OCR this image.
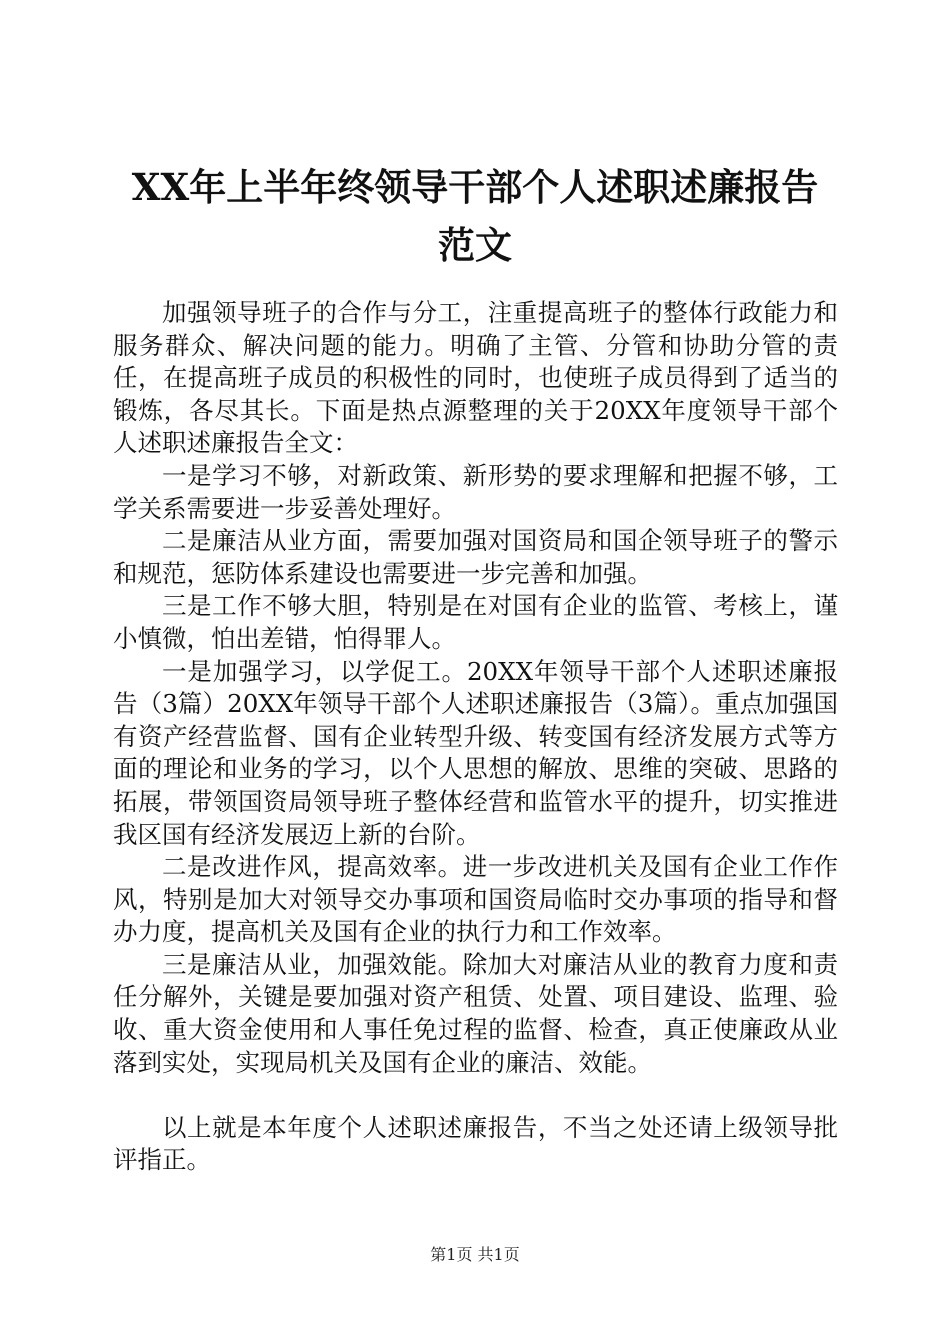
XX年上半年终领导干部个人述职述廉报告范文

加强领导班子的合作与分工，注重提高班子的整体行政能力和服务群众、解决问题的能力。明确了主管、分管和协助分管的责任，在提高班子成员的积极性的同时，也使班子成员得到了适当的锻炼，各尽其长。下面是热点源整理的关于20XX年度领导干部个人述职述廉报告全文：

一是学习不够，对新政策、新形势的要求理解和把握不够，工学关系需要进一步妥善处理好。

二是廉洁从业方面，需要加强对国资局和国企领导班子的警示和规范，惩防体系建设也需要进一步完善和加强。

三是工作不够大胆，特别是在对国有企业的监管、考核上，谨小慎微，怕出差错，怕得罪人。

一是加强学习，以学促工。20XX年领导干部个人述职述廉报告（3篇）20XX年领导干部个人述职述廉报告（3篇）。重点加强国有资产经营监督、国有企业转型升级、转变国有经济发展方式等方面的理论和业务的学习，以个人思想的解放、思维的突破、思路的拓展，带领国资局领导班子整体经营和监管水平的提升，切实推进我区国有经济发展迈上新的台阶。

二是改进作风，提高效率。进一步改进机关及国有企业工作作风，特别是加大对领导交办事项和国资局临时交办事项的指导和督办力度，提高机关及国有企业的执行力和工作效率。

三是廉洁从业，加强效能。除加大对廉洁从业的教育力度和责任分解外，关键是要加强对资产租赁、处置、项目建设、监理、验收、重大资金使用和人事任免过程的监督、检查，真正使廉政从业落到实处，实现局机关及国有企业的廉洁、效能。

以上就是本年度个人述职述廉报告，不当之处还请上级领导批评指正。

第1页 共1页
